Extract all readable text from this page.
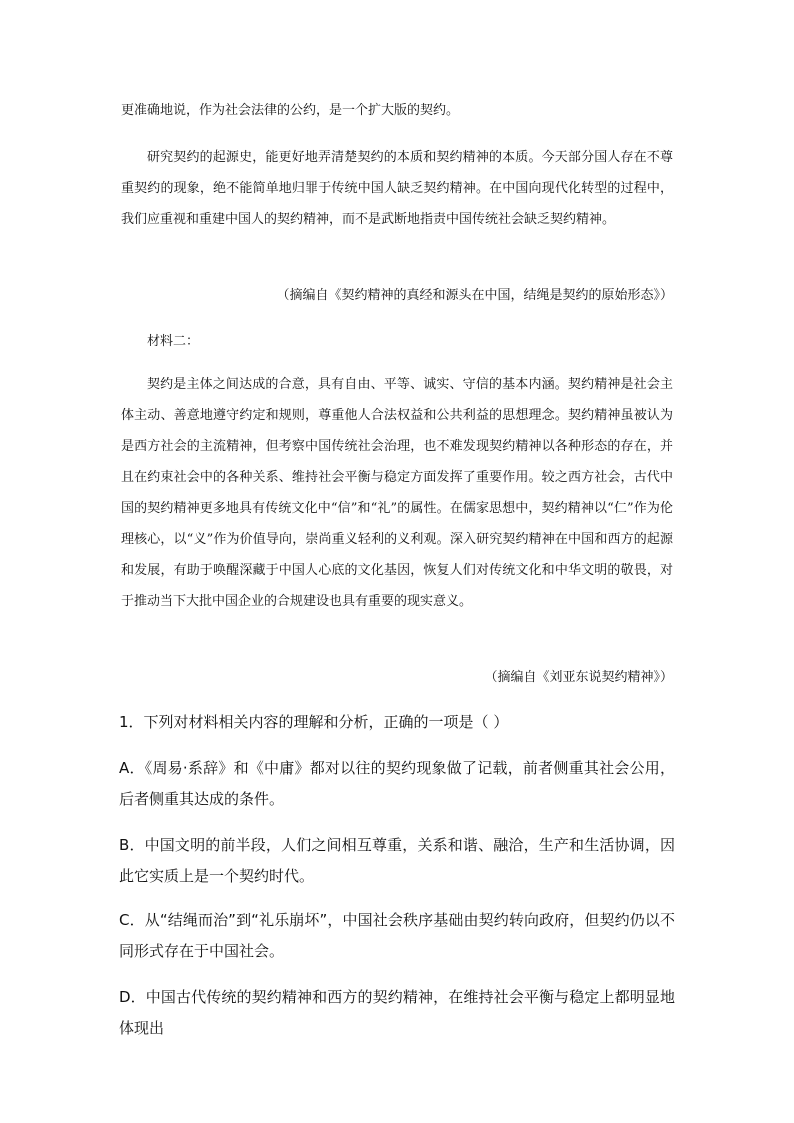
更准确地说，作为社会法律的公约，是一个扩大版的契约。

研究契约的起源史，能更好地弄清楚契约的本质和契约精神的本质。今天部分国人存在不尊重契约的现象，绝不能简单地归罪于传统中国人缺乏契约精神。在中国向现代化转型的过程中，我们应重视和重建中国人的契约精神，而不是武断地指责中国传统社会缺乏契约精神。

（摘编自《契约精神的真经和源头在中国，结绳是契约的原始形态》）

材料二：

契约是主体之间达成的合意，具有自由、平等、诚实、守信的基本内涵。契约精神是社会主体主动、善意地遵守约定和规则，尊重他人合法权益和公共利益的思想理念。契约精神虽被认为是西方社会的主流精神，但考察中国传统社会治理，也不难发现契约精神以各种形态的存在，并且在约束社会中的各种关系、维持社会平衡与稳定方面发挥了重要作用。较之西方社会，古代中国的契约精神更多地具有传统文化中“信”和“礼”的属性。在儒家思想中，契约精神以“仁”作为伦理核心，以“义”作为价值导向，崇尚重义轻利的义利观。深入研究契约精神在中国和西方的起源和发展，有助于唤醒深藏于中国人心底的文化基因，恢复人们对传统文化和中华文明的敬畏，对于推动当下大批中国企业的合规建设也具有重要的现实意义。

（摘编自《刘亚东说契约精神》）

1．下列对材料相关内容的理解和分析，正确的一项是（ ）

A．《周易·系辞》和《中庸》都对以往的契约现象做了记载，前者侧重其社会公用，后者侧重其达成的条件。

B．中国文明的前半段，人们之间相互尊重，关系和谐、融洽，生产和生活协调，因此它实质上是一个契约时代。

C．从“结绳而治”到“礼乐崩坏”，中国社会秩序基础由契约转向政府，但契约仍以不同形式存在于中国社会。

D．中国古代传统的契约精神和西方的契约精神，在维持社会平衡与稳定上都明显地体现出
